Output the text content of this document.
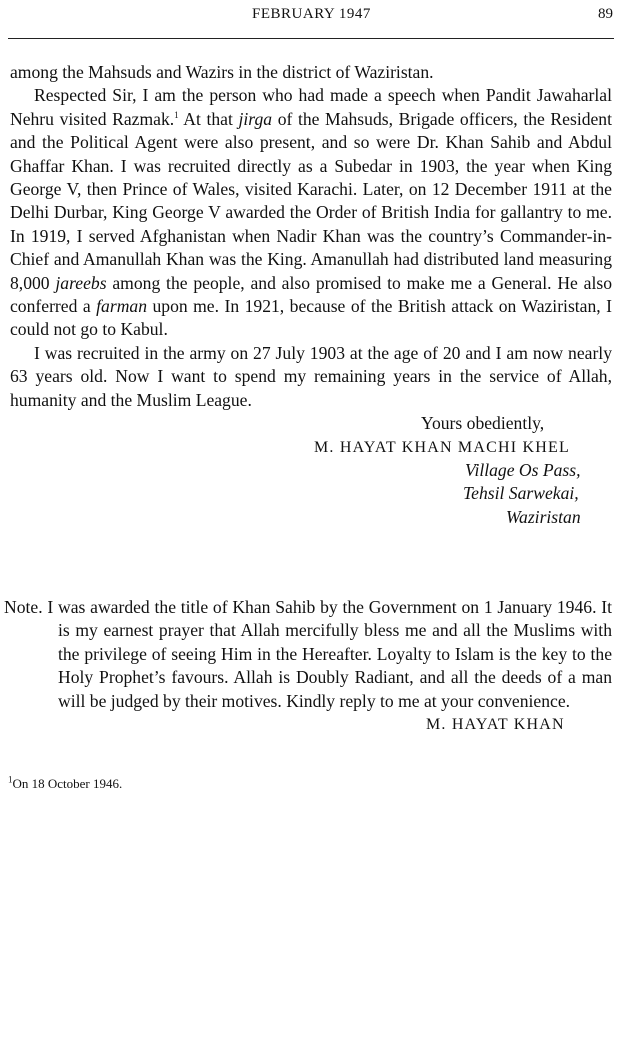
FEBRUARY 1947	89

among the Mahsuds and Wazirs in the district of Waziristan.

Respected Sir, I am the person who had made a speech when Pandit Jawaharlal Nehru visited Razmak.$^1$ At that jirga of the Mahsuds, Brigade officers, the Resident and the Political Agent were also present, and so were Dr. Khan Sahib and Abdul Ghaffar Khan. I was recruited directly as a Subedar in 1903, the year when King George V, then Prince of Wales, visited Karachi. Later, on 12 December 1911 at the Delhi Durbar, King George V awarded the Order of British India for gallantry to me. In 1919, I served Afghanistan when Nadir Khan was the country’s Commander-in-Chief and Amanullah Khan was the King. Amanullah had distributed land measuring 8,000 jareebs among the people, and also promised to make me a General. He also conferred a farman upon me. In 1921, because of the British attack on Waziristan, I could not go to Kabul.

I was recruited in the army on 27 July 1903 at the age of 20 and I am now nearly 63 years old. Now I want to spend my remaining years in the service of Allah, humanity and the Muslim League.

Yours obediently,
M. HAYAT KHAN MACHI KHEL
Village Os Pass,
Tehsil Sarwekai,
Waziristan

Note. I was awarded the title of Khan Sahib by the Government on 1 January 1946. It is my earnest prayer that Allah mercifully bless me and all the Muslims with the privilege of seeing Him in the Hereafter. Loyalty to Islam is the key to the Holy Prophet’s favours. Allah is Doubly Radiant, and all the deeds of a man will be judged by their motives. Kindly reply to me at your convenience.

M. HAYAT KHAN

$^1$On 18 October 1946.
